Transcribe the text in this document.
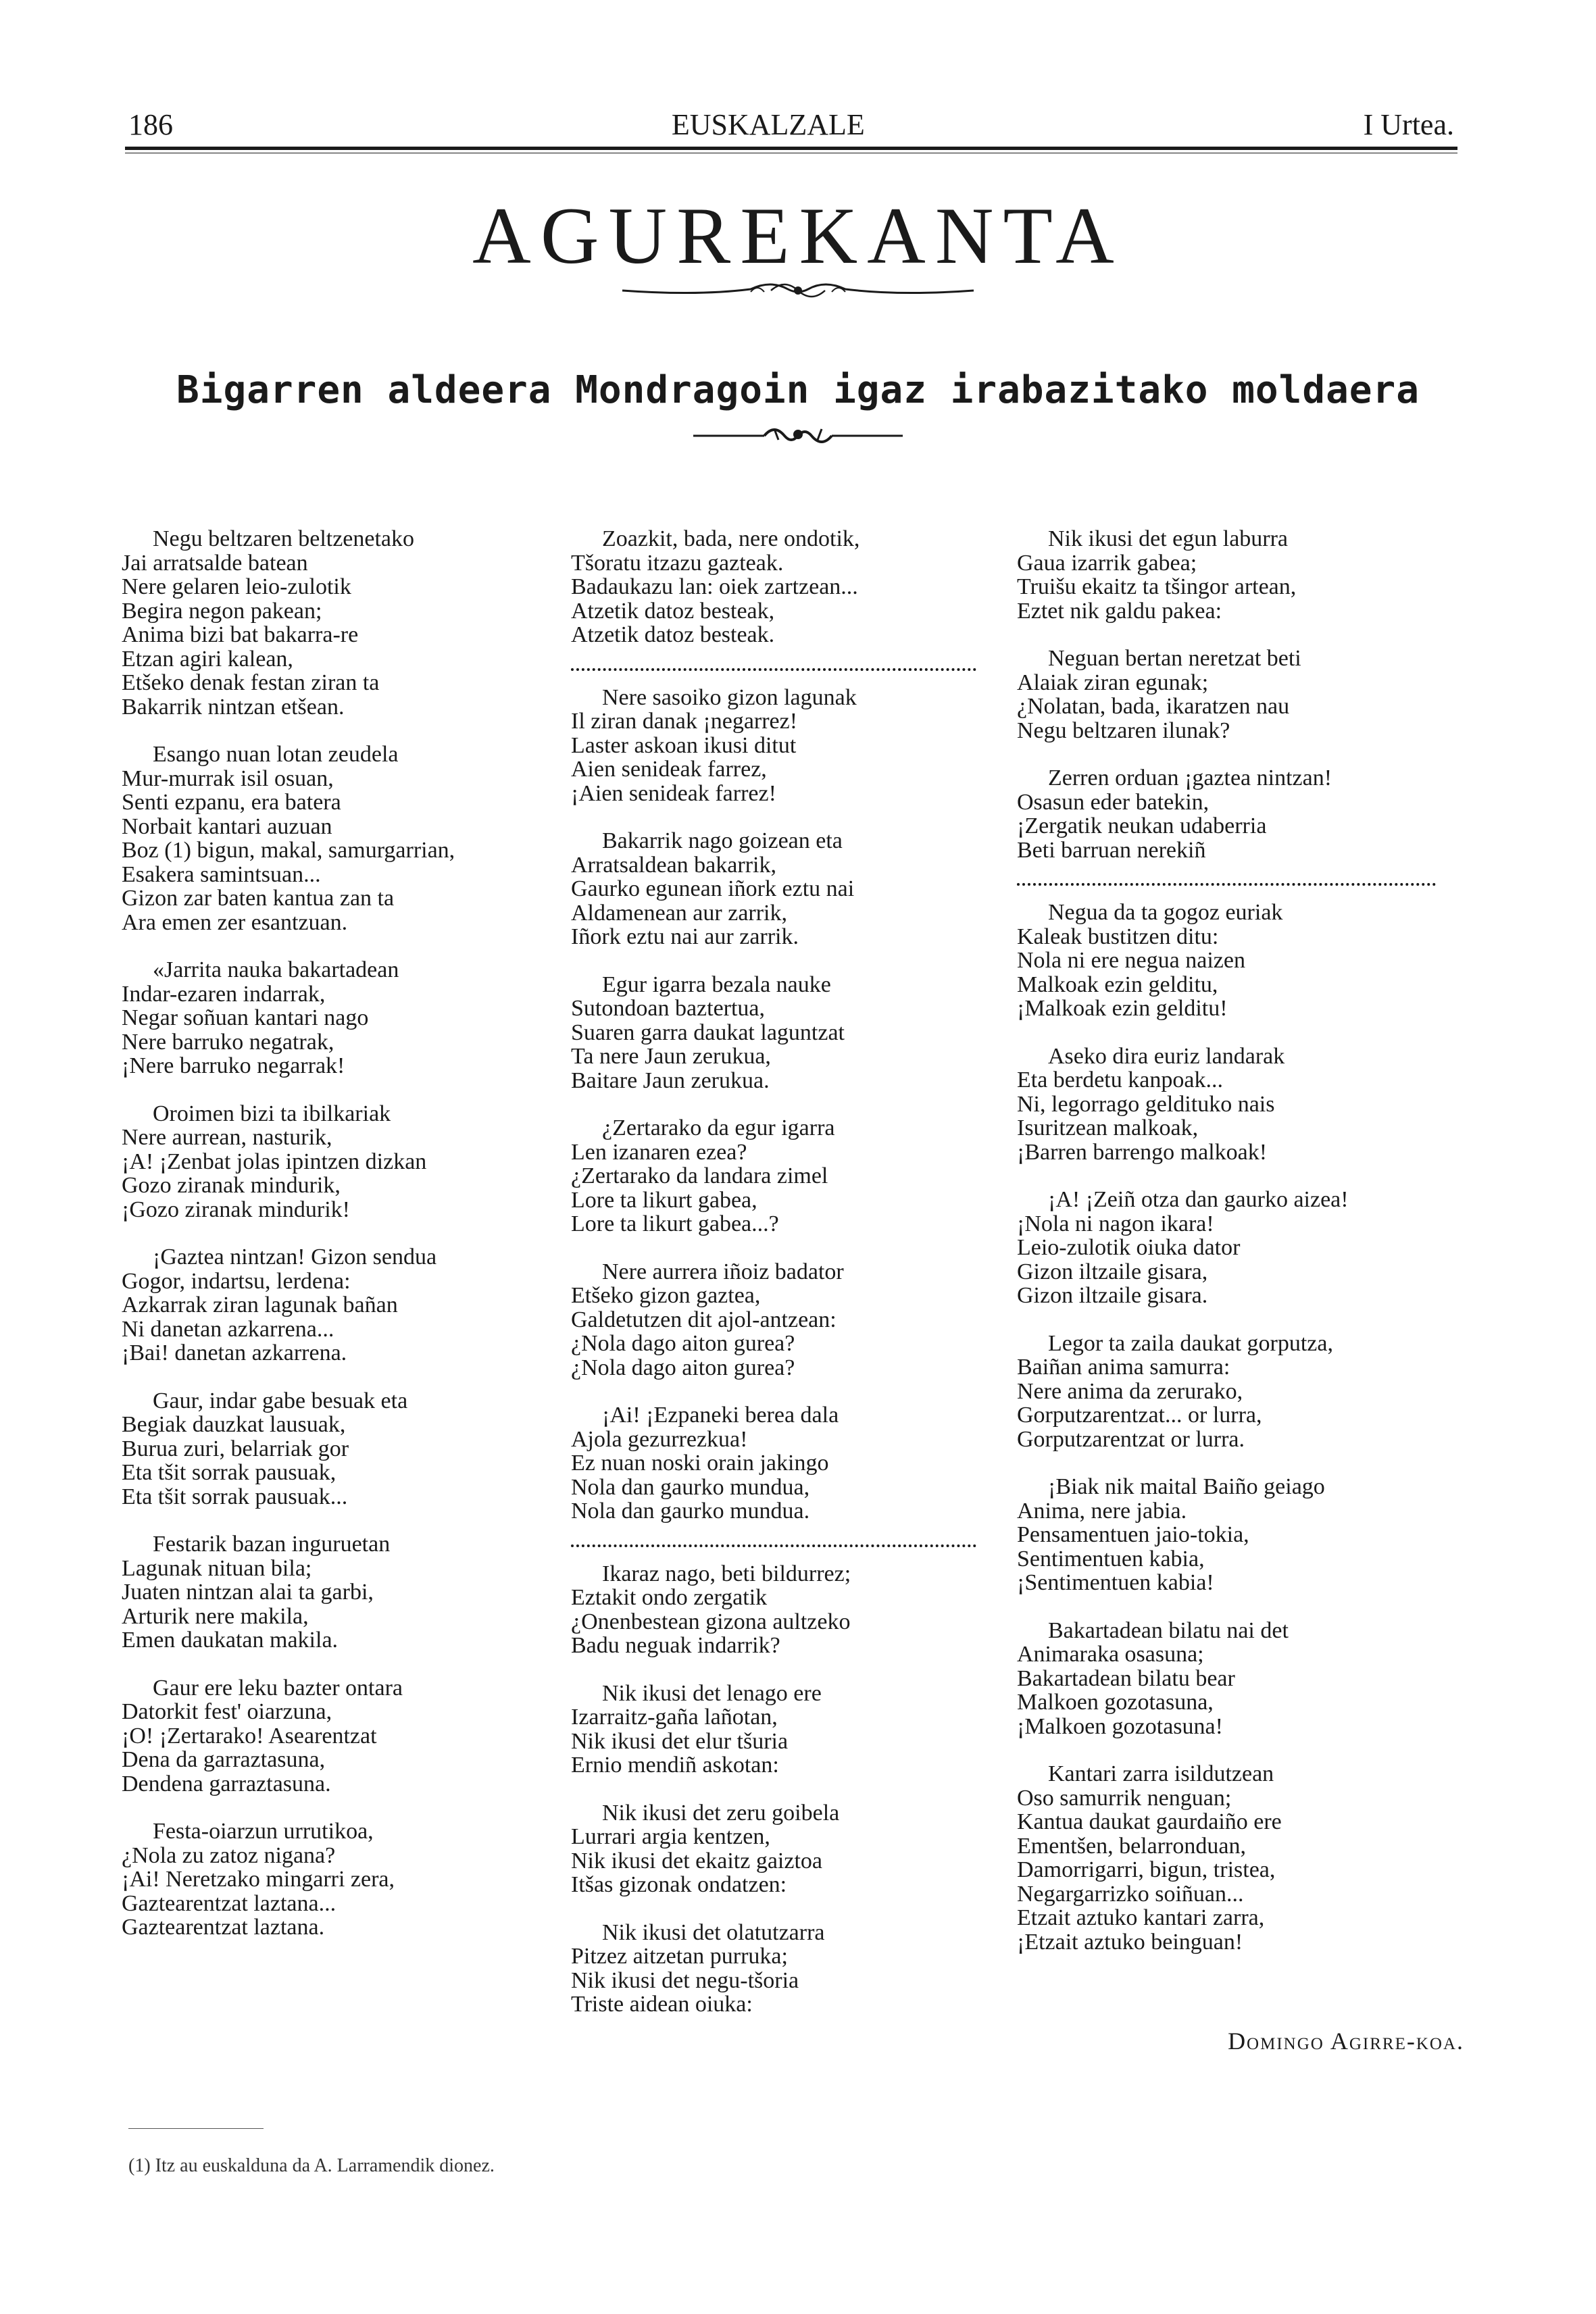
186	EUSKALZALE	I Urtea.
AGUREKANTA
Bigarren aldeera Mondragoin igaz irabazitako moldaera
Negu beltzaren beltzenetako
Jai arratsalde batean
Nere gelaren leio-zulotik
Begira negon pakean;
Anima bizi bat bakarra-re
Etzan agiri kalean,
Etšeko denak festan ziran ta
Bakarrik nintzan etšean.
Esango nuan lotan zeudela
Mur-murrak isil osuan,
Senti ezpanu, era batera
Norbait kantari auzuan
Boz (1) bigun, makal, samurgarrian,
Esakera samintsuan...
Gizon zar baten kantua zan ta
Ara emen zer esantzuan.
«Jarrita nauka bakartadean
Indar-ezaren indarrak,
Negar soñuan kantari nago
Nere barruko negatrak,
¡Nere barruko negarrak!
Oroimen bizi ta ibilkariak
Nere aurrean, nasturik,
¡A! ¡Zenbat jolas ipintzen dizkan
Gozo ziranak mindurik,
¡Gozo ziranak mindurik!
¡Gaztea nintzan! Gizon sendua
Gogor, indartsu, lerdena:
Azkarrak ziran lagunak bañan
Ni danetan azkarrena...
¡Bai! danetan azkarrena.
Gaur, indar gabe besuak eta
Begiak dauzkat lausuak,
Burua zuri, belarriak gor
Eta tšit sorrak pausuak,
Eta tšit sorrak pausuak...
Festarik bazan inguruetan
Lagunak nituan bila;
Juaten nintzan alai ta garbi,
Arturik nere makila,
Emen daukatan makila.
Gaur ere leku bazter ontara
Datorkit fest' oiarzuna,
¡O! ¡Zertarako! Asearentzat
Dena da garraztasuna,
Dendena garraztasuna.
Festa-oiarzun urrutikoa,
¿Nola zu zatoz nigana?
¡Ai! Neretzako mingarri zera,
Gaztearentzat laztana...
Gaztearentzat laztana.
Zoazkit, bada, nere ondotik,
Tšoratu itzazu gazteak.
Badaukazu lan: oiek zartzean...
Atzetik datoz besteak,
Atzetik datoz besteak.
Nere sasoiko gizon lagunak
Il ziran danak ¡negarrez!
Laster askoan ikusi ditut
Aien senideak farrez,
¡Aien senideak farrez!
Bakarrik nago goizean eta
Arratsaldean bakarrik,
Gaurko egunean iñork eztu nai
Aldamenean aur zarrik,
Iñork eztu nai aur zarrik.
Egur igarra bezala nauke
Sutondoan baztertua,
Suaren garra daukat laguntzat
Ta nere Jaun zerukua,
Baitare Jaun zerukua.
¿Zertarako da egur igarra
Len izanaren ezea?
¿Zertarako da landara zimel
Lore ta likurt gabea,
Lore ta likurt gabea...?
Nere aurrera iñoiz badator
Etšeko gizon gaztea,
Galdetutzen dit ajol-antzean:
¿Nola dago aiton gurea?
¿Nola dago aiton gurea?
¡Ai! ¡Ezpaneki berea dala
Ajola gezurrezkua!
Ez nuan noski orain jakingo
Nola dan gaurko mundua,
Nola dan gaurko mundua.
Ikaraz nago, beti bildurrez;
Eztakit ondo zergatik
¿Onenbestean gizona aultzeko
Badu neguak indarrik?
Nik ikusi det lenago ere
Izarraitz-gaña lañotan,
Nik ikusi det elur tšuria
Ernio mendiñ askotan:
Nik ikusi det zeru goibela
Lurrari argia kentzen,
Nik ikusi det ekaitz gaiztoa
Itšas gizonak ondatzen:
Nik ikusi det olatutzarra
Pitzez aitzetan purruka;
Nik ikusi det negu-tšoria
Triste aidean oiuka:
Nik ikusi det egun laburra
Gaua izarrik gabea;
Truišu ekaitz ta tšingor artean,
Eztet nik galdu pakea:
Neguan bertan neretzat beti
Alaiak ziran egunak;
¿Nolatan, bada, ikaratzen nau
Negu beltzaren ilunak?
Zerren orduan ¡gaztea nintzan!
Osasun eder batekin,
¡Zergatik neukan udaberria
Beti barruan nerekiñ
Negua da ta gogoz euriak
Kaleak bustitzen ditu:
Nola ni ere negua naizen
Malkoak ezin gelditu,
¡Malkoak ezin geldituǃ
Aseko dira euriz landarak
Eta berdetu kanpoak...
Ni, legorrago gelditukо nais
Isuritzean malkoak,
¡Barren barrengo malkoak!
¡A! ¡Zeiñ otza dan gaurko aizea!
¡Nola ni nagon ikara!
Leio-zulotik oiuka dator
Gizon iltzaile gisara,
Gizon iltzaile gisara.
Legor ta zaila daukat gorputza,
Baiñan anima samurra:
Nere anima da zerurako,
Gorputzarentzat... or lurra,
Gorputzarentzat or lurra.
¡Biak nik maital Baiño geiago
Anima, nere jabia.
Pensamentuen jaio-tokia,
Sentimentuen kabia,
¡Sentimentuen kabia!
Bakartadean bilatu nai det
Animaraka osasuna;
Bakartadean bilatu bear
Malkoen gozotasuna,
¡Malkoen gozotasuna!
Kantari zarra isildutzean
Oso samurrik nenguan;
Kantua daukat gaurdaiño ere
Ementšen, belarronduan,
Damorrigarri, bigun, tristea,
Negargarrizko soiñuan...
Etzait aztuko kantari zarra,
¡Etzait aztuko beinguan!
Domingo Agirre-koa.
(1) Itz au euskalduna da A. Larramendik dionez.
